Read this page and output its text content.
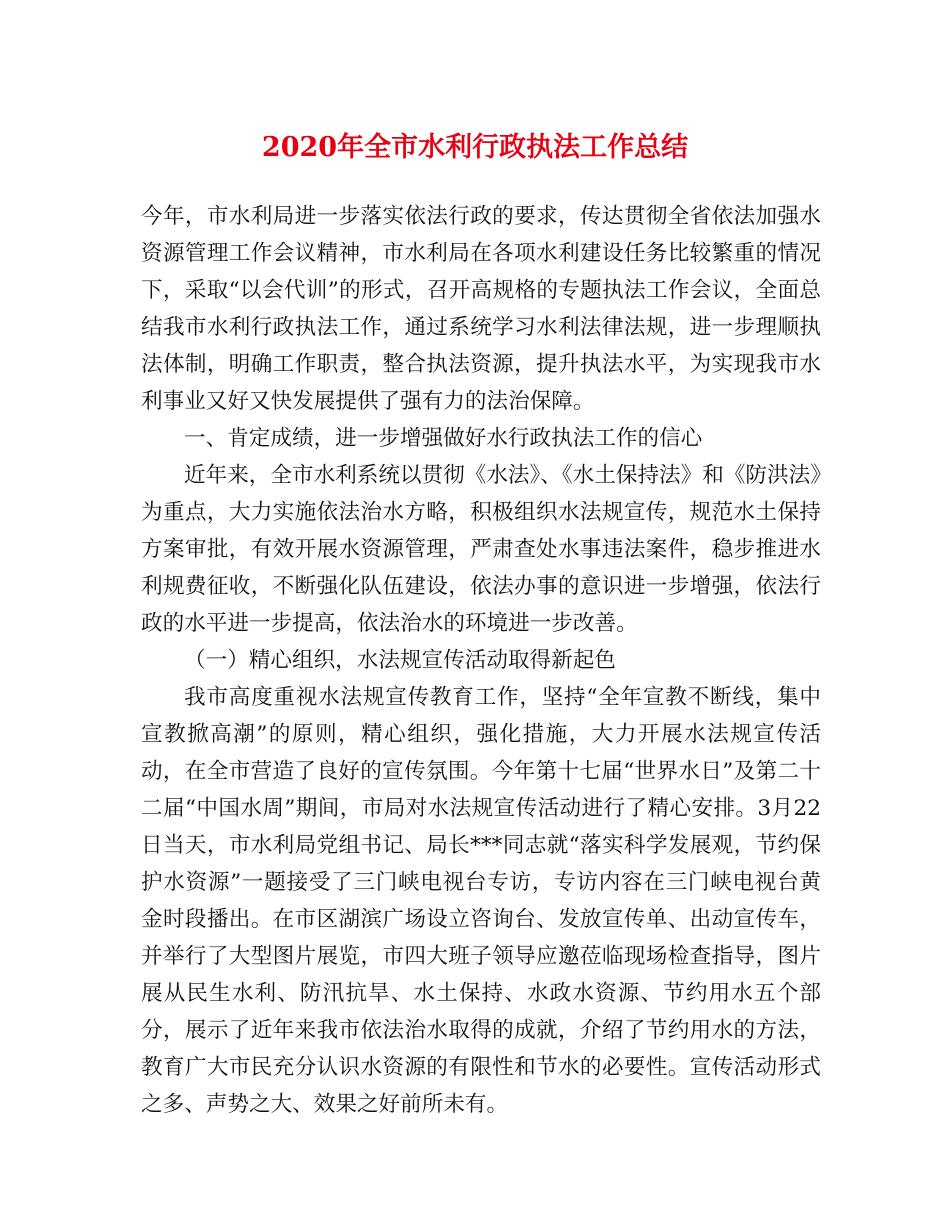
2020年全市水利行政执法工作总结

今年，市水利局进一步落实依法行政的要求，传达贯彻全省依法加强水资源管理工作会议精神，市水利局在各项水利建设任务比较繁重的情况下，采取“以会代训”的形式，召开高规格的专题执法工作会议，全面总结我市水利行政执法工作，通过系统学习水利法律法规，进一步理顺执法体制，明确工作职责，整合执法资源，提升执法水平，为实现我市水利事业又好又快发展提供了强有力的法治保障。

一、肯定成绩，进一步增强做好水行政执法工作的信心

近年来，全市水利系统以贯彻《水法》、《水土保持法》和《防洪法》为重点，大力实施依法治水方略，积极组织水法规宣传，规范水土保持方案审批，有效开展水资源管理，严肃查处水事违法案件，稳步推进水利规费征收，不断强化队伍建设，依法办事的意识进一步增强，依法行政的水平进一步提高，依法治水的环境进一步改善。

（一）精心组织，水法规宣传活动取得新起色

我市高度重视水法规宣传教育工作，坚持“全年宣教不断线，集中宣教掀高潮”的原则，精心组织，强化措施，大力开展水法规宣传活动，在全市营造了良好的宣传氛围。今年第十七届“世界水日”及第二十二届“中国水周”期间，市局对水法规宣传活动进行了精心安排。3月22日当天，市水利局党组书记、局长***同志就“落实科学发展观，节约保护水资源”一题接受了三门峡电视台专访，专访内容在三门峡电视台黄金时段播出。在市区湖滨广场设立咨询台、发放宣传单、出动宣传车，并举行了大型图片展览，市四大班子领导应邀莅临现场检查指导，图片展从民生水利、防汛抗旱、水土保持、水政水资源、节约用水五个部分，展示了近年来我市依法治水取得的成就，介绍了节约用水的方法，教育广大市民充分认识水资源的有限性和节水的必要性。宣传活动形式之多、声势之大、效果之好前所未有。
